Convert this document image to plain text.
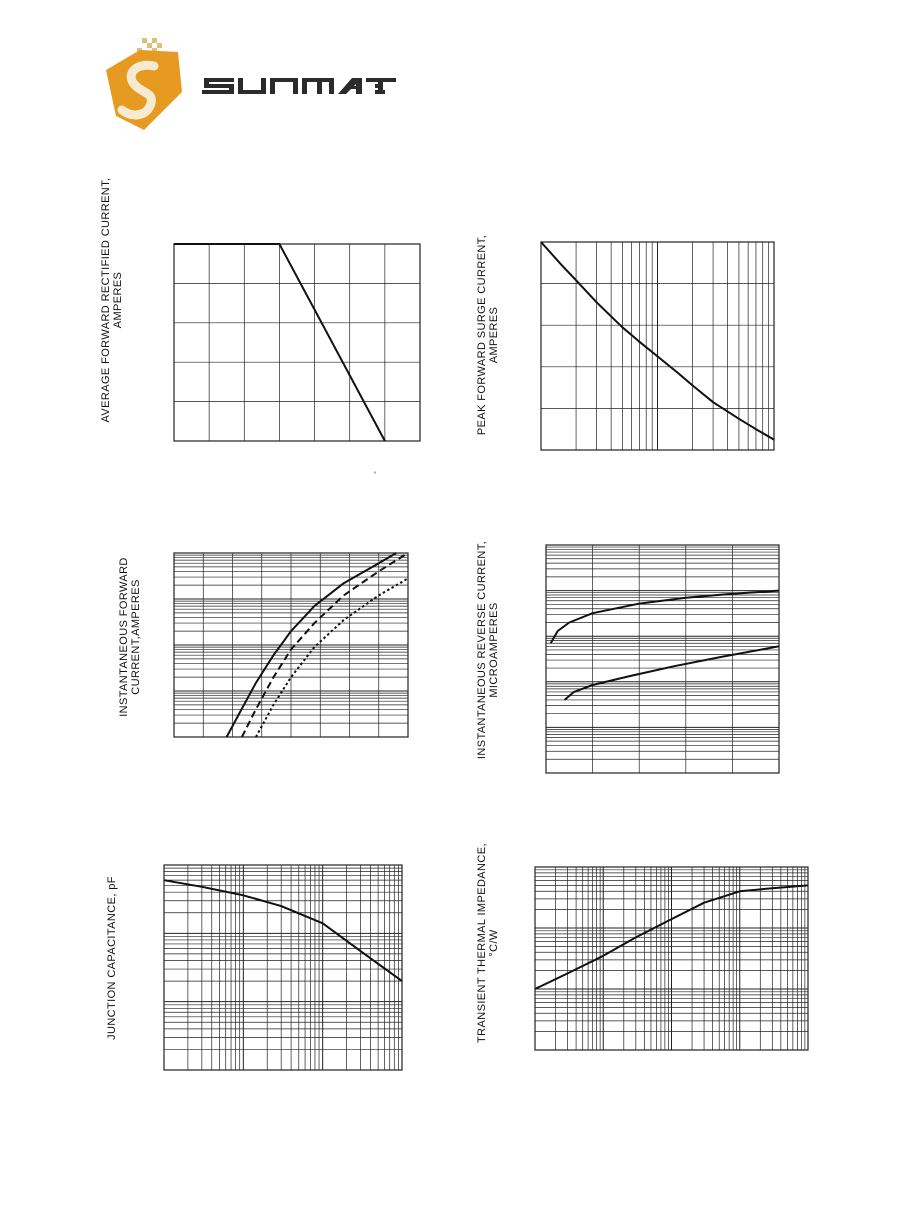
AVERAGE FORWARD RECTIFIED CURRENT, AMPERES	PEAK FORWARD SURGE CURRENT, AMPERES
INSTANTANEOUS FORWARD CURRENT,AMPERES	INSTANTANEOUS REVERSE CURRENT, MICROAMPERES
JUNCTION CAPACITANCE, pF	TRANSIENT THERMAL IMPEDANCE, °C/W
°
